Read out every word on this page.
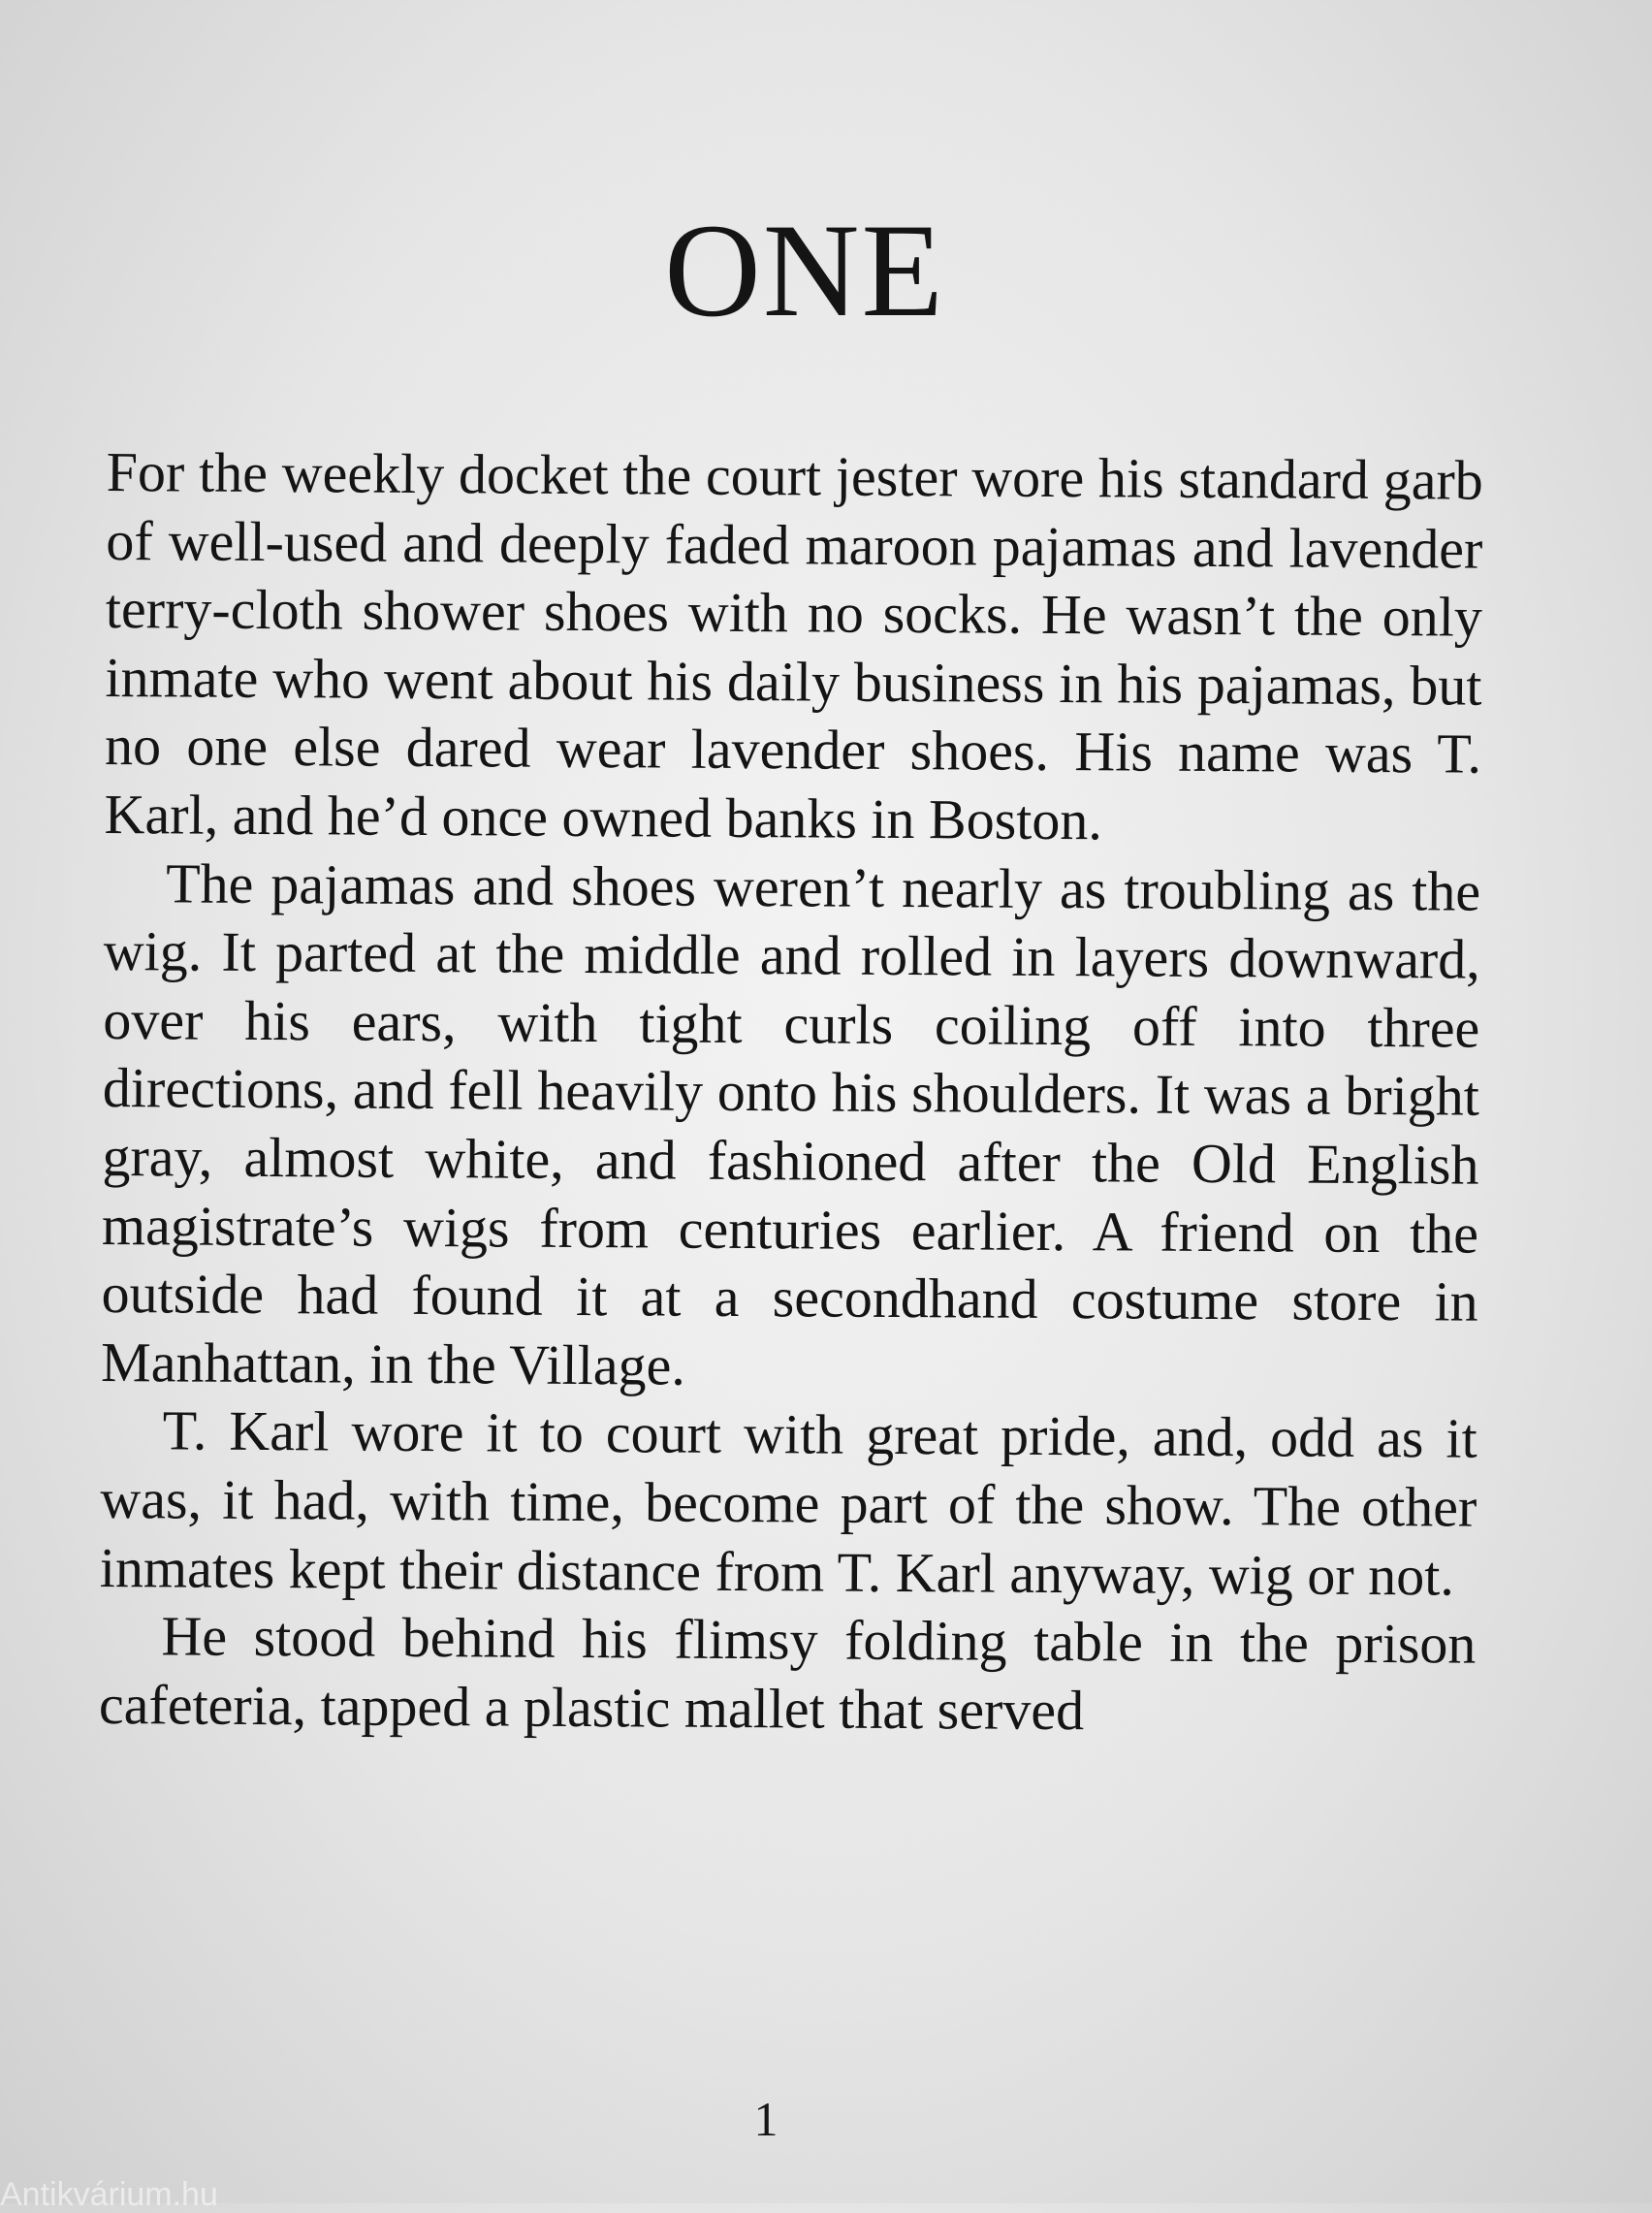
ONE

For the weekly docket the court jester wore his standard garb of well-used and deeply faded maroon pajamas and lavender terry-cloth shower shoes with no socks. He wasn’t the only inmate who went about his daily business in his pajamas, but no one else dared wear lavender shoes. His name was T. Karl, and he’d once owned banks in Boston.

The pajamas and shoes weren’t nearly as troubling as the wig. It parted at the middle and rolled in layers downward, over his ears, with tight curls coiling off into three directions, and fell heavily onto his shoulders. It was a bright gray, almost white, and fashioned after the Old English magistrate’s wigs from centuries earlier. A friend on the outside had found it at a secondhand costume store in Manhattan, in the Village.

T. Karl wore it to court with great pride, and, odd as it was, it had, with time, become part of the show. The other inmates kept their distance from T. Karl anyway, wig or not.

He stood behind his flimsy folding table in the prison cafeteria, tapped a plastic mallet that served

1
Antikvárium.hu
